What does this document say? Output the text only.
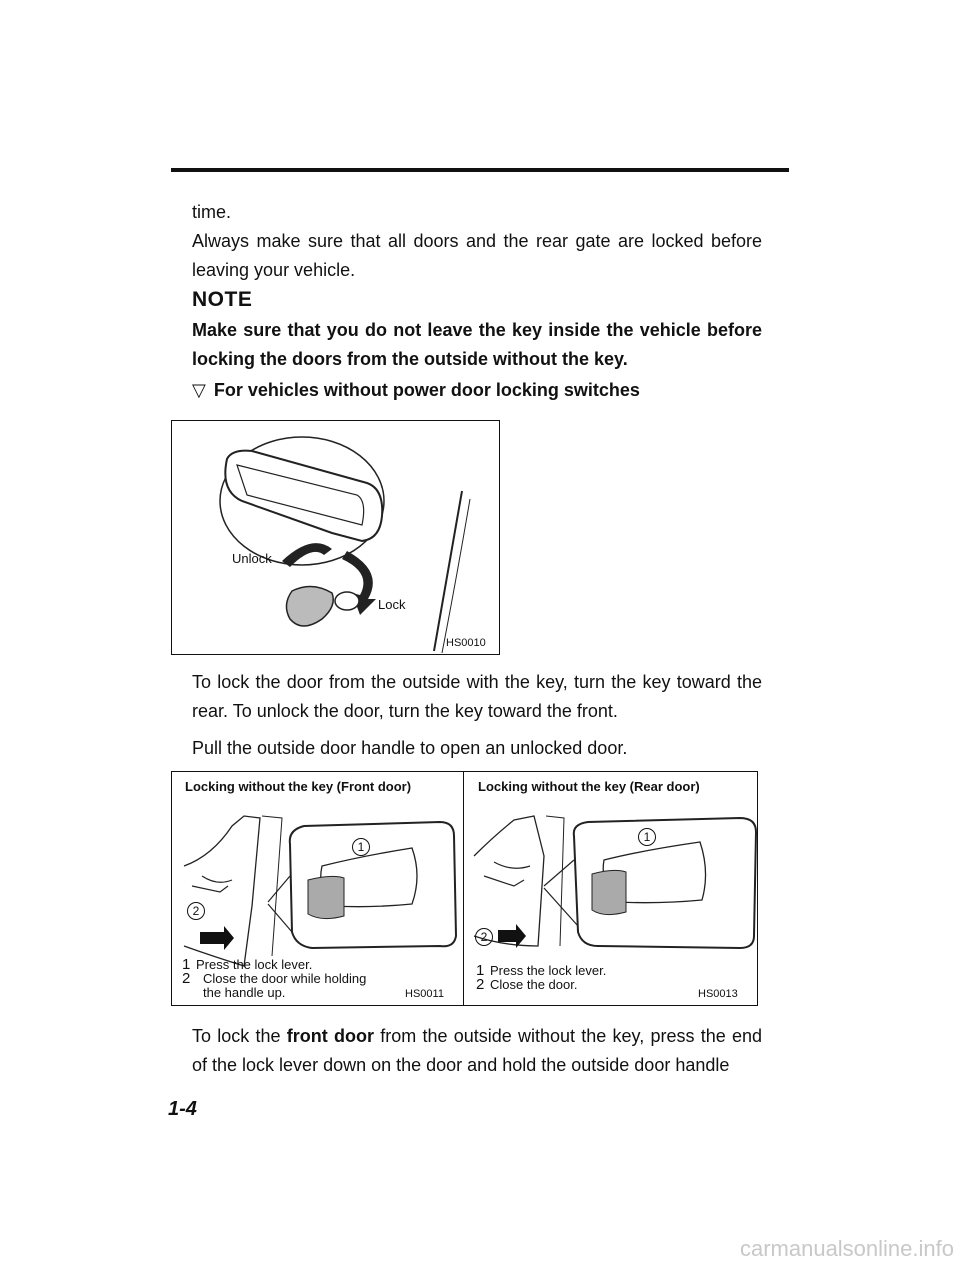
time.
Always make sure that all doors and the rear gate are locked before leaving your vehicle.
NOTE
Make sure that you do not leave the key inside the vehicle before locking the doors from the outside without the key.
▽ For vehicles without power door locking switches
Unlock
Lock
HS0010
To lock the door from the outside with the key, turn the key toward the rear. To unlock the door, turn the key toward the front.
Pull the outside door handle to open an unlocked door.
Locking without the key (Front door)
1
2
1 Press the lock lever.
2 Close the door while holding the handle up.	HS0011
Locking without the key (Rear door)
1
2
1 Press the lock lever.
2 Close the door.
HS0013
To lock the front door from the outside without the key, press the end of the lock lever down on the door and hold the outside door handle
1-4
carmanualsonline.info
